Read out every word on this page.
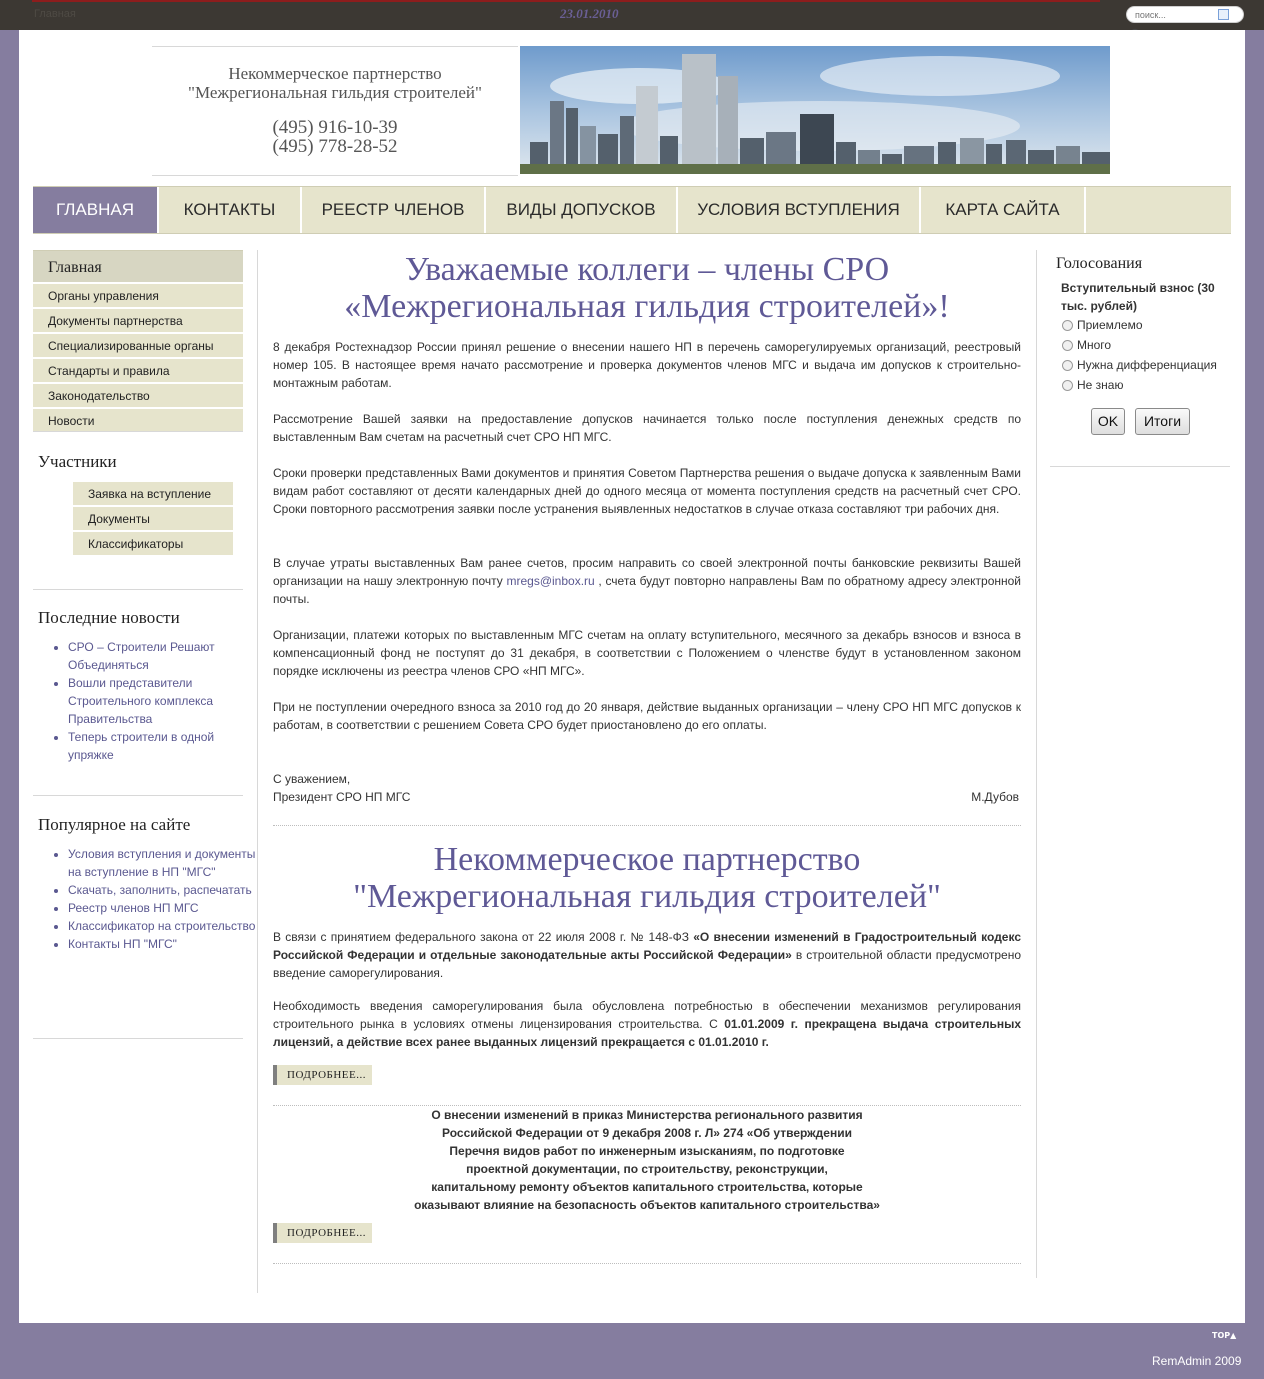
Главная	23.01.2010
поиск...
Некоммерческое партнерство
"Межрегиональная гильдия строителей"
(495) 916-10-39
(495) 778-28-52
ГЛАВНАЯ	КОНТАКТЫ	РЕЕСТР ЧЛЕНОВ	ВИДЫ ДОПУСКОВ	УСЛОВИЯ ВСТУПЛЕНИЯ	КАРТА САЙТА
Главная
Органы управления
Документы партнерства
Специализированные органы
Стандарты и правила
Законодательство
Новости
Участники
Заявка на вступление
Документы
Классификаторы
Последние новости
• СРО – Строители Решают Объединяться
• Вошли представители Строительного комплекса Правительства
• Теперь строители в одной упряжке
Популярное на сайте
• Условия вступления и документы на вступление в НП "МГС"
• Скачать, заполнить, распечатать
• Реестр членов НП МГС
• Классификатор на строительство
• Контакты НП "МГС"
Уважаемые коллеги – члены СРО
«Межрегиональная гильдия строителей»!
8 декабря Ростехнадзор России принял решение о внесении нашего НП в перечень саморегулируемых организаций, реестровый номер 105. В настоящее время начато рассмотрение и проверка документов членов МГС и выдача им допусков к строительно-монтажным работам.
Рассмотрение Вашей заявки на предоставление допусков начинается только после поступления денежных средств по выставленным Вам счетам на расчетный счет СРО НП МГС.
Сроки проверки представленных Вами документов и принятия Советом Партнерства решения о выдаче допуска к заявленным Вами видам работ составляют от десяти календарных дней до одного месяца от момента поступления средств на расчетный счет СРО. Сроки повторного рассмотрения заявки после устранения выявленных недостатков в случае отказа составляют три рабочих дня.
В случае утраты выставленных Вам ранее счетов, просим направить со своей электронной почты банковские реквизиты Вашей организации на нашу электронную почту mregs@inbox.ru , счета будут повторно направлены Вам по обратному адресу электронной почты.
Организации, платежи которых по выставленным МГС счетам на оплату вступительного, месячного за декабрь взносов и взноса в компенсационный фонд не поступят до 31 декабря, в соответствии с Положением о членстве будут в установленном законом порядке исключены из реестра членов СРО «НП МГС».
При не поступлении очередного взноса за 2010 год до 20 января, действие выданных организации – члену СРО НП МГС допусков к работам, в соответствии с решением Совета СРО будет приостановлено до его оплаты.
С уважением,
Президент СРО НП МГС	М.Дубов
Некоммерческое партнерство
"Межрегиональная гильдия строителей"
В связи с принятием федерального закона от 22 июля 2008 г. № 148-ФЗ «О внесении изменений в Градостроительный кодекс Российской Федерации и отдельные законодательные акты Российской Федерации» в строительной области предусмотрено введение саморегулирования.
Необходимость введения саморегулирования была обусловлена потребностью в обеспечении механизмов регулирования строительного рынка в условиях отмены лицензирования строительства. С 01.01.2009 г. прекращена выдача строительных лицензий, а действие всех ранее выданных лицензий прекращается с 01.01.2010 г.
ПОДРОБНЕЕ...
О внесении изменений в приказ Министерства регионального развития
Российской Федерации от 9 декабря 2008 г. Л» 274 «Об утверждении
Перечня видов работ по инженерным изысканиям, по подготовке
проектной документации, по строительству, реконструкции,
капитальному ремонту объектов капитального строительства, которые
оказывают влияние на безопасность объектов капитального строительства»
ПОДРОБНЕЕ...
Голосования
Вступительный взнос (30 тыс. рублей)
Приемлемо
Много
Нужна дифференциация
Не знаю
OK	Итоги
TOP▲
RemAdmin 2009
